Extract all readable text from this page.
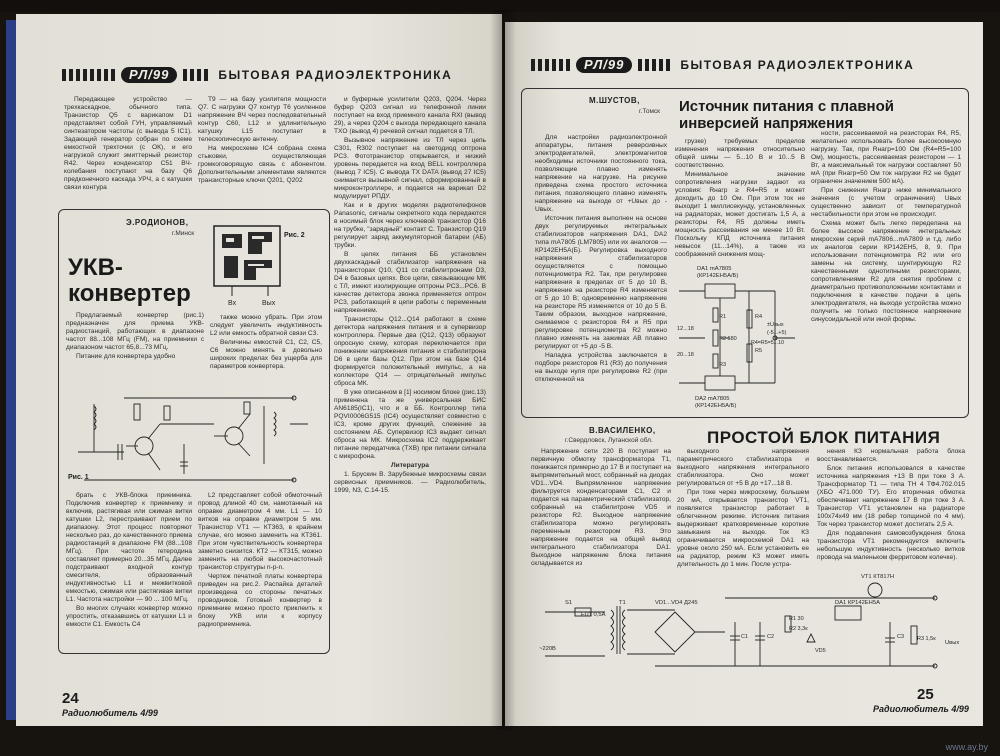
РЛ/99	БЫТОВАЯ РАДИОЭЛЕКТРОНИКА

Передающее устройство — трехкаскадное, обычного типа. Транзистор Q5 с варикапом D1 представляет собой ГУН, управляемый синтезатором частоты (с вывода 5 IC1). Задающий генератор собран по схеме емкостной трехточки (с ОК), и его нагрузкой служит эмиттерный резистор R42. Через конденсатор С51 ВЧ-колебания поступают на базу Q6 предконечного каскада УРЧ, а с катушки связи контура

Т9 — на базу усилителя мощности Q7. С нагрузки Q7 контур Т6 усиленное напряжение ВЧ через последовательный контур С60, L12 и удлинительную катушку L15 поступает в телескопическую антенну.

На микросхеме IC4 собрана схема стыковки, осуществляющая громкоговорящую связь с абонентом. Дополнительными элементами являются транзисторные ключи Q201, Q202

и буферные усилители Q203, Q204. Через буфер Q203 сигнал из телефонной линии поступает на вход приемного канала RXI (вывод 29), а через Q204 с выхода передающего канала TXO (вывод 4) речевой сигнал подается в ТЛ.

Вызывное напряжение из ТЛ через цепь С301, R302 поступает на светодиод оптрона PC3. Фототранзистор открывается, и низкий уровень передается на вход BELL контроллера (вывод 7 IC5). С вывода TX DATA (вывод 27 IC5) снимается вызывной сигнал, сформированный в микроконтроллере, и подается на варикап D2 модулирует РПДУ.

Как и в других моделях радиотелефонов Panasonic, сигналы секретного кода передаются в носимый блок через ключевой транзистор Q16 на трубке, "зарядный" контакт C. Транзистор Q19 регулирует заряд аккумуляторной батареи (АБ) трубки.

В целях питания ББ установлен двухкаскадный стабилизатор напряжения на транзисторах Q10, Q11 со стабилитронами D3, D4 в базовых цепях. Все цепи, связывающие МК с ТЛ, имеют изолирующие оптроны PC3...PC6. В качестве детектора звонка применяется оптрон PC3, работающий в цепи работы с переменным напряжением.

Транзисторы Q12...Q14 работают в схеме детектора напряжения питания и в супервизор контроллера. Первые два (Q12, Q13) образуют опросную схему, которая переключается при понижении напряжения питания и стабилитрона D6 в цепи базы Q12. При этом на базе Q14 формируется положительный импульс, а на коллекторе Q14 — отрицательный импульс сброса МК.

В уже описанном в [1] носимом блоке (рис.13) применена та же универсальная БИС AN6185(IC1), что и в ББ. Контроллер типа PQVI0006G515 (IC4) осуществляет совместно с IC3, кроме других функций, слежение за состоянием АБ. Супервизор IC3 выдает сигнал сброса на МК. Микросхема IC2 поддерживает питание передатчика (TXB) при питании сигнала с микрофона.

Литература

1. Брускин В. Зарубежные микросхемы связи сервисных приемников. — Радиолюбитель, 1999, N3, С.14-15.

Э.РОДИОНОВ,
г.Минск
УКВ-
конвертер
Рис. 2
Вх	Вых

Предлагаемый конвертер (рис.1) предназначен для приема УКВ-радиостанций, работающих в диапазоне частот 88...108 МГц (FM), на приемники с диапазоном частот 65,8...73 МГц.

Питание для конвертера удобно

также можно убрать. При этом следует увеличить индуктивность L2 или емкость обратной связи С3.

Величины емкостей С1, С2, С5, С6 можно менять в довольно широких пределах без ущерба для параметров конвертера.

Рис. 1

брать с УКВ-блока приемника. Подключив конвертер к приемнику и включив, растягивая или сжимая витки катушки L2, перестраивают прием по диапазону. Этот процесс повторяют несколько раз, до качественного приема радиостанций в диапазоне FM (88...108 МГц). При частоте гетеродина составляет примерно 20...35 МГц. Далее подстраивают входной контур смесителя, образованный индуктивностью L1 и межвитковой емкостью, сжимая или растягивая витки L1. Частота настройки — 90 ... 100 МГц.

Во многих случаях конвертер можно упростить, отказавшись от катушки L1 и емкости С1. Емкость С4

L2 представляет собой обмоточный провод длиной 40 см, намотанный на оправке диаметром 4 мм. L1 — 10 витков на оправке диаметром 5 мм. Транзистор VT1 — КТ363, в крайнем случае, его можно заменить на КТ361. При этом чувствительность конвертера заметно снизится. КТ2 — КТ315, можно заменить на любой высокочастотный транзистор структуры n-p-n.

Чертеж печатной платы конвертера приведен на рис.2. Распайка деталей произведена со стороны печатных проводников. Готовый конвертер в приемнике можно просто приклеить к блоку УКВ или к корпусу радиоприемника.

24
Радиолюбитель 4/99
РЛ/99	БЫТОВАЯ РАДИОЭЛЕКТРОНИКА
М.ШУСТОВ,
г.Томск Источник питания с плавной инверсией напряжения

Для настройки радиоэлектронной аппаратуры, питания реверсивных электродвигателей, электромагнитов необходимы источники постоянного тока, позволяющие плавно изменять напряжение на нагрузке. На рисунке приведена схема простого источника питания, позволяющего плавно изменять напряжение на выходе от +Uвых до -Uвых.

Источник питания выполнен на основе двух регулируемых интегральных стабилизаторов напряжения DA1, DA2 типа mA7805 (LM7805) или их аналогов — КР142ЕН5А(Б). Регулировка выходного напряжения стабилизаторов осуществляется с помощью потенциометра R2. Так, при регулировке напряжения в пределах от 5 до 10 В, напряжение на резисторе R4 изменяется от 5 до 10 В; одновременно напряжение на резисторе R5 изменяется от 10 до 5 В. Таким образом, выходное напряжение, снимаемое с резисторов R4 и R5 при регулировке потенциометра R2 можно плавно изменять на зажимах АВ плавно регулируют от +5 до -5 В.

Наладка устройства заключается в подборе резисторов R1 (R3) до получения на выходе нуля при регулировке R2 (при отключенной на

грузке) требуемых пределов изменения напряжения относительно общей шины — 5...10 В и 10...5 В соответственно.

Минимальное значение сопротивления нагрузки задают из условия: Rнагр ≥ R4=R5 и может доходить до 10 Ом. При этом ток не выходит 1 миллисекунду, установленных на радиаторах, может достигать 1,5 А, а резисторы R4, R5 должны иметь мощность рассеивания не менее 10 Вт. Поскольку КПД источника питания невысок (11...14%), а также из соображений снижения мощ-

ности, рассеиваемой на резисторах R4, R5, желательно использовать более высокоомную нагрузку. Так, при Rнагр=100 Ом (R4=R5=100 Ом), мощность, рассеиваемая резистором — 1 Вт, а максимальный ток нагрузки составляет 50 мА (при Rнагр=50 Ом ток нагрузки R2 не будет ограничен значением 500 мА).

При снижении Rнагр ниже минимального значения (с учетом ограничения) Uвых существенно зависит от температурной нестабильности при этом не происходит.

Схема может быть легко переделана на более высокое напряжение интегральных микросхем серий mA7806...mA7809 и т.д. либо их аналогов серии КР142ЕН5, 8, 9. При использовании потенциометра R2 или его замены на систему, шунтирующую R2 качественными однотипными резисторами, сопротивлениями R2 для снятия проблем с диаметрально противоположными контактами и подключения в качестве подачи в цепь электродвигателя, на выходе устройства можно получить не только постоянное напряжение синусоидальной или иной формы.

DA1 mA7805
(КР142ЕН5А/Б)
DA2 mA7805
(КР142ЕН5А/Б)
R1
R2 680
R3
R4
R5
12...18
20...18
±Uвых
(-5...+5)
R4=R5=5...10
В.ВАСИЛЕНКО,
г.Свердловск, Луганской обл.	ПРОСТОЙ БЛОК ПИТАНИЯ

Напряжение сети 220 В поступает на первичную обмотку трансформатора Т1, понижается примерно до 17 В и поступает на выпрямительный мост, собранный на диодах VD1...VD4. Выпрямленное напряжение фильтруется конденсаторами С1, С2 и подается на параметрический стабилизатор, собранный на стабилитроне VD5 и резисторе R2. Выходное напряжение стабилизатора можно регулировать переменным резистором R3. Это напряжение подается на общий вывод интегрального стабилизатора DA1. Выходное напряжение блока питания складывается из

выходного напряжения параметрического стабилизатора и выходного напряжения интегрального стабилизатора. Оно может регулироваться от +5 В до +17...18 В.

При токе через микросхему, большем 20 мА, открывается транзистор VT1, появляется транзистор работает в облегченном режиме. Источник питания выдерживает кратковременные короткие замыкания на выходе. Ток КЗ ограничивается микросхемой DA1 на уровне около 250 мА. Если установить ее на радиатор, режим КЗ может иметь длительность до 1 мин. После устра-

нения КЗ нормальная работа блока восстанавливается.

Блок питания использовался в качестве источника напряжения +13 В при токе 3 А. Трансформатор Т1 — типа ТН 4 ТФ4.702.015 (ХБО 471.000 ТУ). Его вторичная обмотка обеспечивает напряжение 17 В при токе 3 А. Транзистор VT1 установлен на радиаторе 100х74х49 мм (18 ребер толщиной по 4 мм). Ток через транзистор может достигать 2,5 А.

Для подавления самовозбуждения блока транзистора VT1 рекомендуется включить небольшую индуктивность (несколько витков провода на маленьком ферритовом колечке).

VT1 КТ817Н
DA1 КР142ЕН5А
S1
FU1 0,5А
T1	VD1...VD4 Д245
~220В
R1 30
R2 3,3к
R3 1,5к
C1	C2	C3
VD5
Uвых
25
Радиолюбитель 4/99
www.ay.by
